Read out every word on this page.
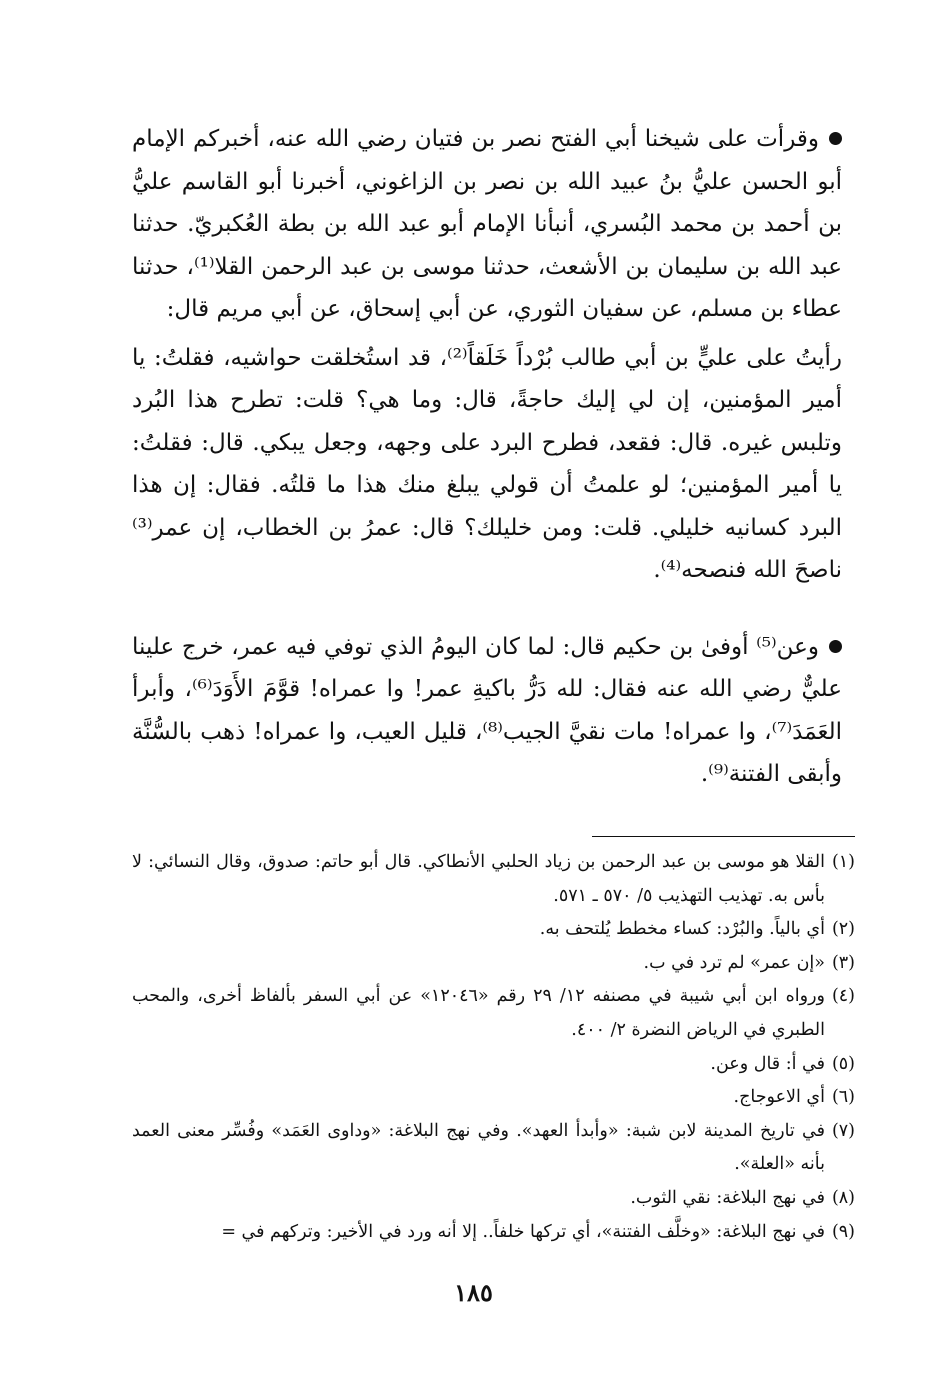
وقرأت على شيخنا أبي الفتح نصر بن فتيان رضي الله عنه، أخبركم الإمام أبو الحسن عليُّ بنُ عبيد الله بن نصر بن الزاغوني، أخبرنا أبو القاسم عليُّ بن أحمد بن محمد البُسري، أنبأنا الإمام أبو عبد الله بن بطة العُكبريّ. حدثنا عبد الله بن سليمان بن الأشعث، حدثنا موسى بن عبد الرحمن القلا⁽¹⁾، حدثنا عطاء بن مسلم، عن سفيان الثوري، عن أبي إسحاق، عن أبي مريم قال:

رأيتُ على عليٍّ بن أبي طالب بُرْداً خَلَقاً⁽²⁾، قد استُخلقت حواشيه، فقلتُ: يا أمير المؤمنين، إن لي إليك حاجةً، قال: وما هي؟ قلت: تطرح هذا البُرد وتلبس غيره. قال: فقعد، فطرح البرد على وجهه، وجعل يبكي. قال: فقلتُ: يا أمير المؤمنين؛ لو علمتُ أن قولي يبلغ منك هذا ما قلتُه. فقال: إن هذا البرد كسانيه خليلي. قلت: ومن خليلك؟ قال: عمرُ بن الخطاب، إن عمر⁽³⁾ ناصحَ الله فنصحه⁽⁴⁾.

وعن⁽⁵⁾ أوفىٰ بن حكيم قال: لما كان اليومُ الذي توفي فيه عمر، خرج علينا عليٌّ رضي الله عنه فقال: لله دَرُّ باكيةِ عمر! وا عمراه! قوَّمَ الأَوَدَ⁽⁶⁾، وأبرأ العَمَدَ⁽⁷⁾، وا عمراه! مات نقيَّ الجيب⁽⁸⁾، قليل العيب، وا عمراه! ذهب بالسُّنَّة وأبقى الفتنة⁽⁹⁾.

(١)
القلا هو موسى بن عبد الرحمن بن زياد الحلبي الأنطاكي. قال أبو حاتم: صدوق، وقال النسائي: لا بأس به. تهذيب التهذيب ٥/ ٥٧٠ ـ ٥٧١.
(٢)
أي بالياً. والبُرْد: كساء مخطط يُلتحف به.
(٣)
«إن عمر» لم ترد في ب.
(٤)
ورواه ابن أبي شيبة في مصنفه ١٢/ ٢٩ رقم «١٢٠٤٦» عن أبي السفر بألفاظ أخرى، والمحب الطبري في الرياض النضرة ٢/ ٤٠٠.
(٥)
في أ: قال وعن.
(٦)
أي الاعوجاج.
(٧)
في تاريخ المدينة لابن شبة: «وأبدأ العهد». وفي نهج البلاغة: «وداوى العَمَد» وفُسِّر معنى العمد بأنه «العلة».
(٨)
في نهج البلاغة: نقي الثوب.
(٩)
في نهج البلاغة: «وخلَّف الفتنة»، أي تركها خلفاً.. إلا أنه ورد في الأخير: وتركهم في =
١٨٥
